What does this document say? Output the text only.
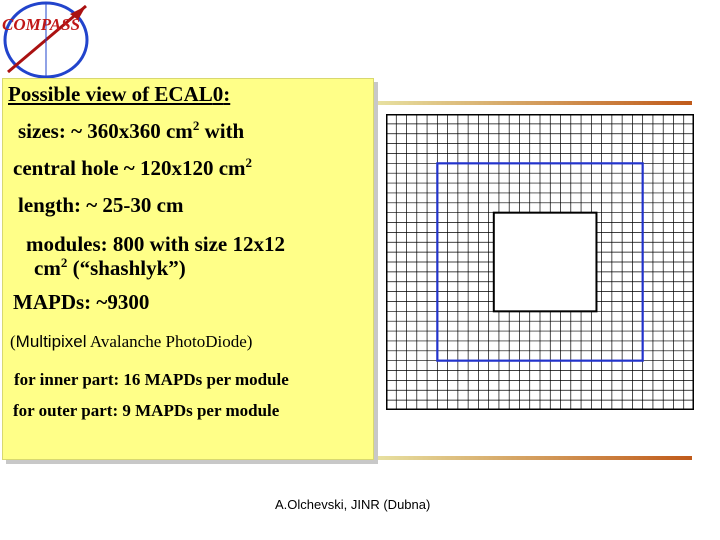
COMPASS
Possible view of ECAL0:
sizes: ~ 360x360 $cm^2$ with
central hole ~ 120x120 $cm^2$
length: ~ 25-30 cm
modules: 800 with size 12x12
$cm^2$ (“shashlyk”)
MAPDs: ~9300
(Multipixel Avalanche PhotoDiode)
for inner part: 16 MAPDs per module
for outer part: 9 MAPDs per module
A.Olchevski, JINR (Dubna)
